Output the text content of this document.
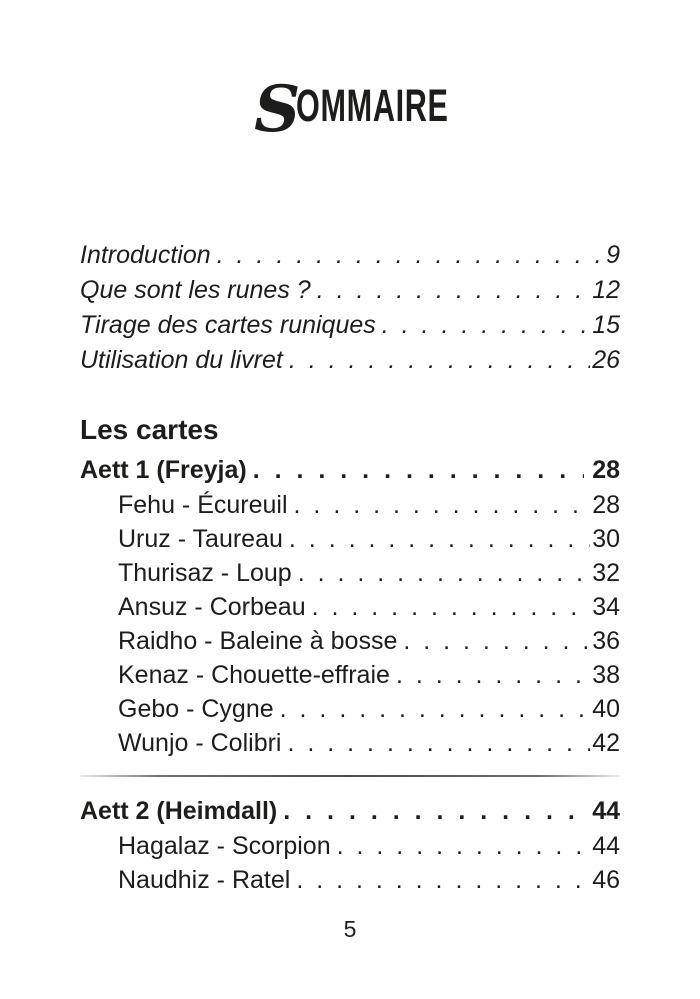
S
OMMAIRE
Introduction . . .	9
Que sont les runes ? . . .	12
Tirage des cartes runiques . . .	15
Utilisation du livret . . .	26
Les cartes
Aett 1 (Freyja) . . .	28
Fehu - Écureuil . . .	28
Uruz - Taureau . . .	30
Thurisaz - Loup . . .	32
Ansuz - Corbeau . . .	34
Raidho - Baleine à bosse . . .	36
Kenaz - Chouette-effraie . . .	38
Gebo - Cygne . . .	40
Wunjo - Colibri . . .	42
Aett 2 (Heimdall) . . .	44
Hagalaz - Scorpion . . .	44
Naudhiz - Ratel . . .	46
5
